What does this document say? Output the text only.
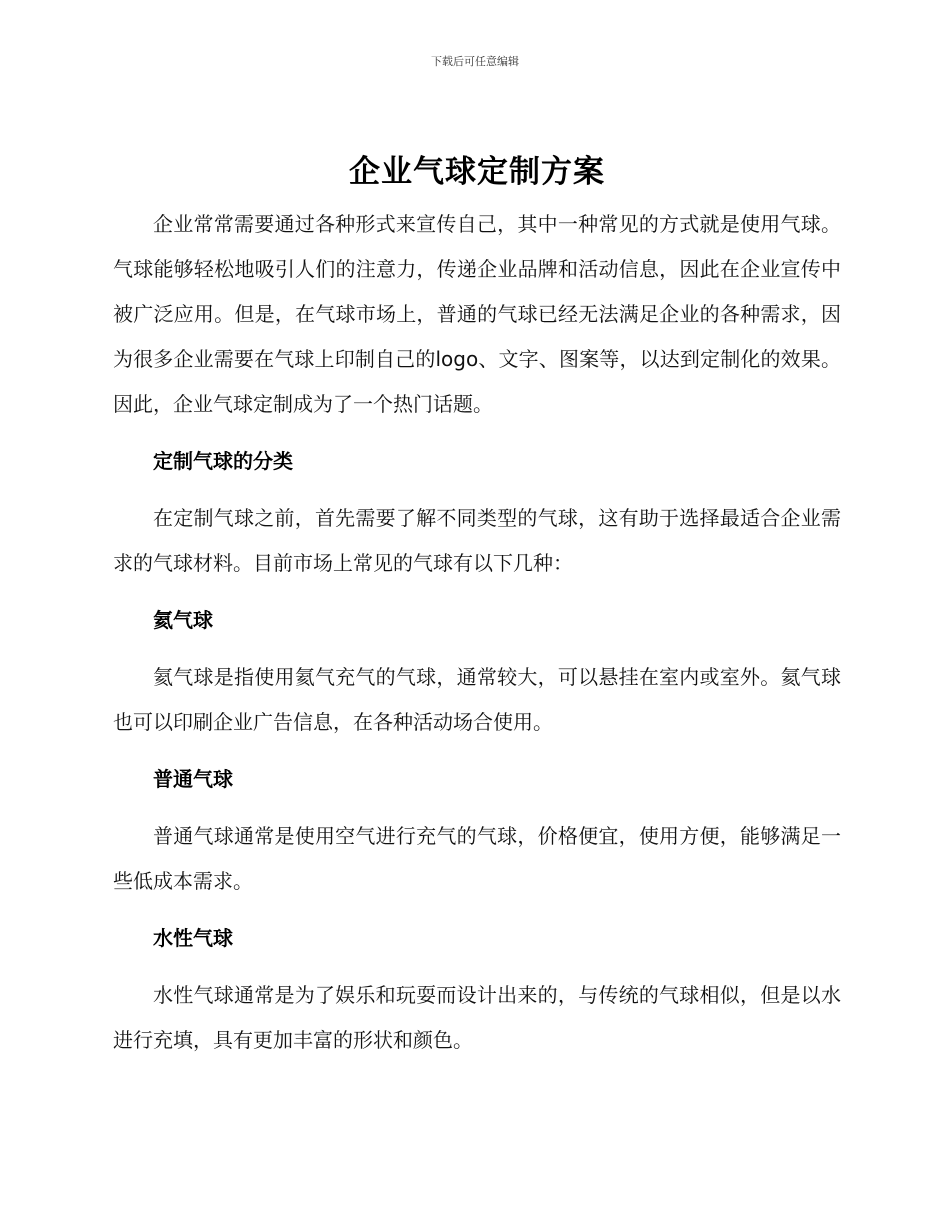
下载后可任意编辑
企业气球定制方案

企业常常需要通过各种形式来宣传自己，其中一种常见的方式就是使用气球。气球能够轻松地吸引人们的注意力，传递企业品牌和活动信息，因此在企业宣传中被广泛应用。但是，在气球市场上，普通的气球已经无法满足企业的各种需求，因为很多企业需要在气球上印制自己的logo、文字、图案等，以达到定制化的效果。因此，企业气球定制成为了一个热门话题。

定制气球的分类

在定制气球之前，首先需要了解不同类型的气球，这有助于选择最适合企业需求的气球材料。目前市场上常见的气球有以下几种：

氦气球

氦气球是指使用氦气充气的气球，通常较大，可以悬挂在室内或室外。氦气球也可以印刷企业广告信息，在各种活动场合使用。

普通气球

普通气球通常是使用空气进行充气的气球，价格便宜，使用方便，能够满足一些低成本需求。

水性气球

水性气球通常是为了娱乐和玩耍而设计出来的，与传统的气球相似，但是以水进行充填，具有更加丰富的形状和颜色。
